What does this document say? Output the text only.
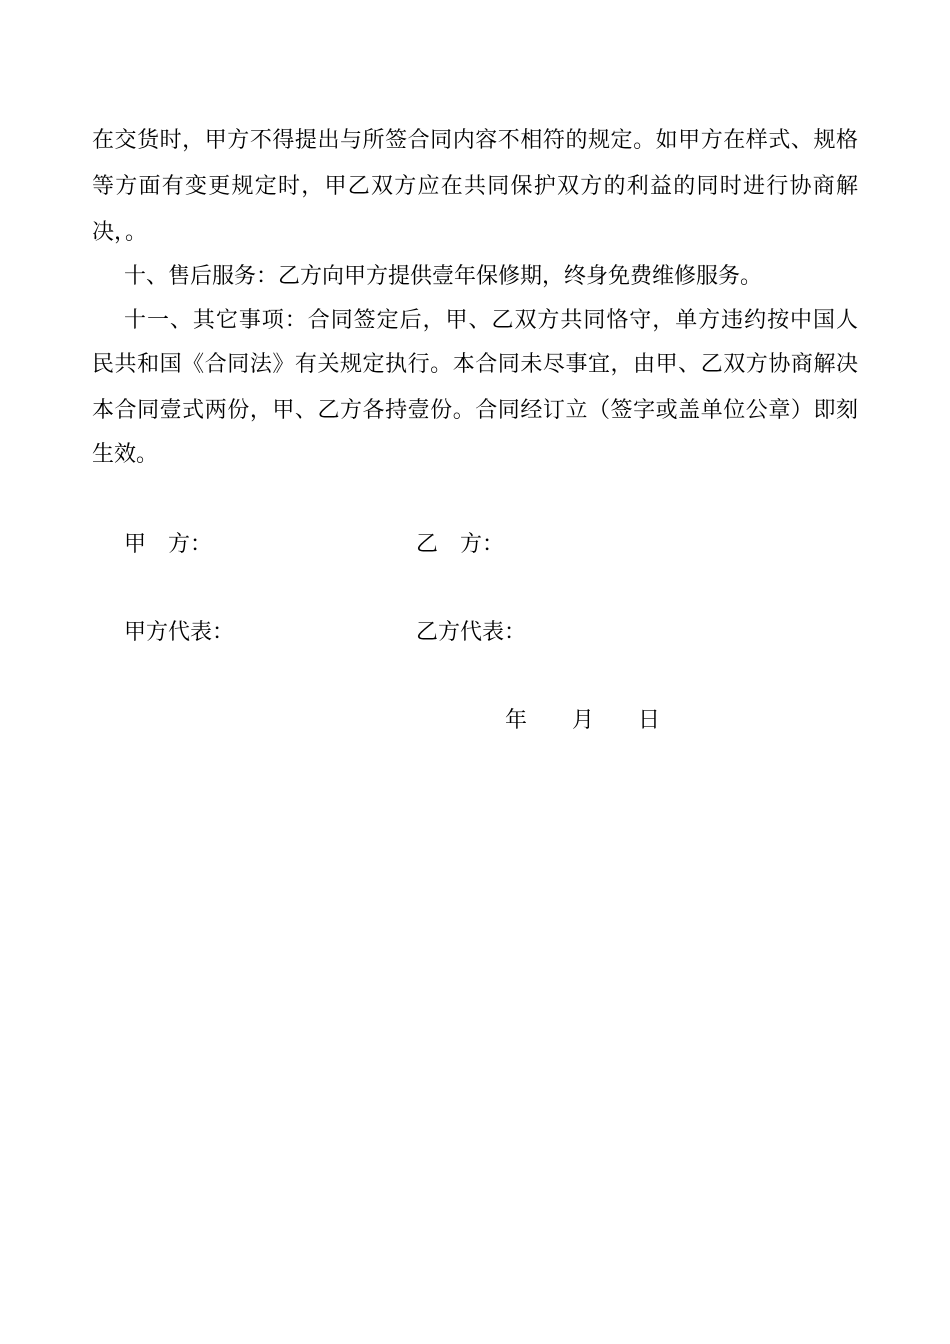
在交货时，甲方不得提出与所签合同内容不相符的规定。如甲方在样式、规格
等方面有变更规定时，甲乙双方应在共同保护双方的利益的同时进行协商解
决，。
十、售后服务：乙方向甲方提供壹年保修期，终身免费维修服务。
十一、其它事项：合同签定后，甲、乙双方共同恪守，单方违约按中国人
民共和国《合同法》有关规定执行。本合同未尽事宜，由甲、乙双方协商解决
本合同壹式两份，甲、乙方各持壹份。合同经订立（签字或盖单位公章）即刻
生效。
甲　方：	乙　方：
甲方代表：	乙方代表：
年 月 日
